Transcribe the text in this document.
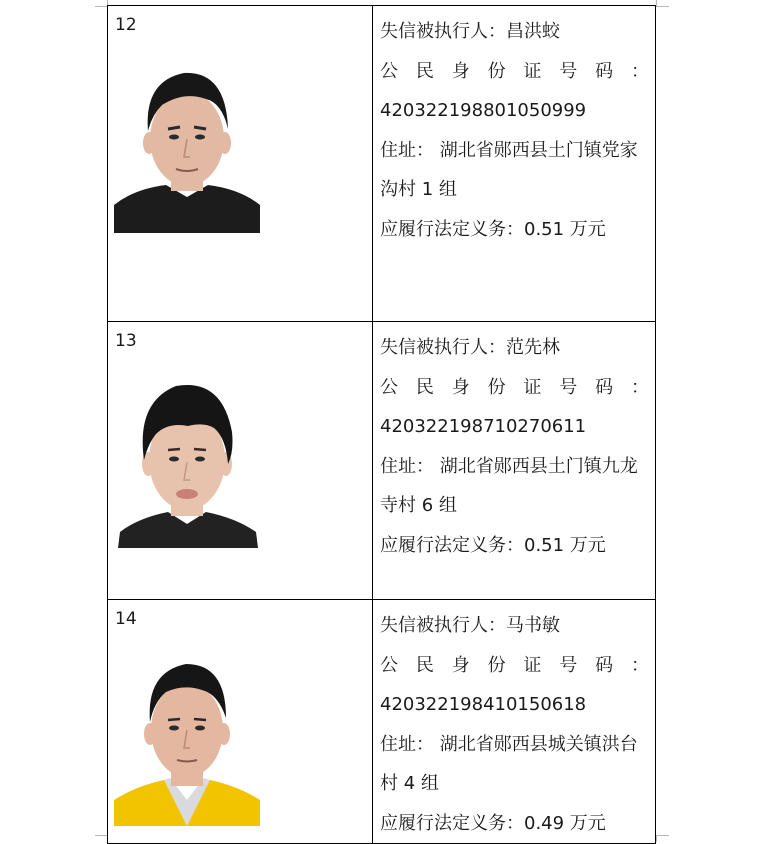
12	失信被执行人：昌洪蛟
公民身份证号码：
420322198801050999
住址： 湖北省郧西县土门镇党家沟村 1 组
应履行法定义务：0.51 万元

13	失信被执行人：范先林
公民身份证号码：
420322198710270611
住址： 湖北省郧西县土门镇九龙寺村 6 组
应履行法定义务：0.51 万元

14	失信被执行人：马书敏
公民身份证号码：
420322198410150618
住址： 湖北省郧西县城关镇洪台村 4 组
应履行法定义务：0.49 万元
